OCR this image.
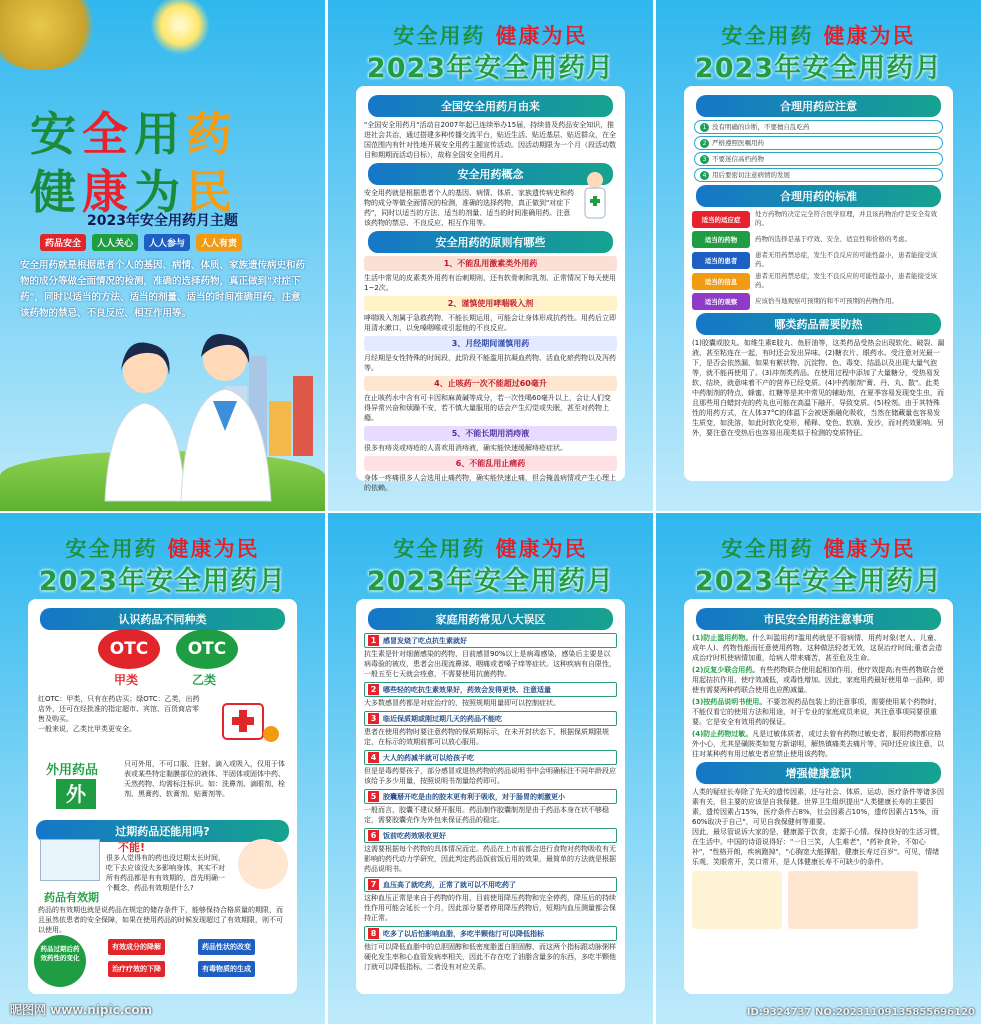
安全用药
健康为民
2023年安全用药月主题
药品安全	人人关心	人人参与	人人有责
安全用药就是根据患者个人的基因、病情、体质、家族遗传病史和药物的成分等做全面情况的检测，准确的选择药物，真正做到"对症下药"，同时以适当的方法、适当的剂量、适当的时间准确用药。注意该药物的禁忌、不良反应、相互作用等。
安全用药 健康为民
2023年安全用药月
全国安全用药月由来
"全国安全用药月"活动自2007年起已连续举办15届，持续普及药品安全知识，推进社会共治，通过搭建多种传播交流平台，贴近生活、贴近基层、贴近群众，在全国范围内有针对性地开展安全用药主题宣传活动。因活动期限为一个月（段活动数目和期期而活动目标），故称全国安全用药月。
安全用药概念
安全用药就是根据患者个人的基因、病情、体质、家族遗传病史和药物的成分等做全面情况的检测，准确的选择药物，真正做到"对症下药"，同时以适当的方法、适当的剂量、适当的时间准确用药。注意该药物的禁忌、不良反应、相互作用等。
安全用药的原则有哪些
1、不能乱用激素类外用药
生活中常见的皮素类外用药有治刺期则，还有软骨刺和乳剂、正常情况下每天使用1~2次。
2、谨慎使用哮喘吸入剂
哮喘吸入剂属于急救药物，不能长期运用，可能会让身体形成抗药性。用药后立即用清水漱口，以免嗓咽喉或引起他的不良反应。
3、月经期间谨慎用药
月经期是女性特殊的时间段，此阶段不能滥用抗凝血药物、活血化瘀药物以及泻药等。
4、止咳药一次不能超过60毫升
在止咳药水中含有可卡因和麻黄碱等成分，若一次性喝60毫升以上，会让人们变得异常兴奋和烦躁不安，若不慎大量服用的话会产生幻觉或失眠，甚至对药物上瘾。
5、不能长期用消痔液
很多有痔炎或痔疮的人喜欢用消痔液，确实能快速缓解痔疮症状。
6、不能乱用止痛药
身体一疼痛很多人会选用止痛药物，确实能快速止痛，但会掩盖病情或产生心理上的依赖。
安全用药 健康为民
2023年安全用药月
合理用药应注意
1 没有明确的诊断，不要擅自乱吃药
2 严格遵照医嘱用药
3 不要迷信高档药物
4 用后要密切注意病情的发展
合理用药的标准
适当的适应症
处方药物的决定完全符合医学原理，并且该药物治疗是安全有效的。
适当的药物	药物的选择是基于疗效、安全、适宜性和价格的考虑。
适当的患者
患者无用药禁忌症，发生不良反应的可能性最小，患者能接受该药。
适当的信息
患者无用药禁忌症，发生不良反应的可能性最小，患者能接受该药。
适当的观察	应该恰当地观察可预期的和不可预期的药物作用。
哪类药品需要防热
(1)胶囊或胶丸。如维生素E胶丸、鱼肝油等，这类药品受热会出现软化、破裂、漏液、甚至粘连在一起，有时还会发出异味。(2)糖衣片、眼药水。受注意对光最一下，是否会依然漏，如果有絮状物、沉淀物、色、毒变、结晶以及出现大量气泡等，就不能再使用了。(3)冲剂类药品。在使用过程中添加了大量糖分，受热易发软、结块，就意味着不产的营养已经变质。(4)中药制剂"膏、丹、丸、散"。此类中药制剂的特点，蜂蜜、红糖等是其中常见的辅助剂，在夏季容易发现变生虫，而且那些用白蜡封壳的药丸也可能在高温下融开，导致变质。(5)栓剂。由于其特殊性的用药方式，在人体37°C的体温下会被逐渐融化吸收，当然在储藏量也容易发生质变，如洗溶，如此时软化变形，稀释、变色、软崩、发沙，而对药效影响。另外，要注意在受热后也容易出现类似于检测的变质特征。
安全用药 健康为民
2023年安全用药月
认识药品不同种类
OTC	OTC
甲类	乙类
红OTC：甲类，只有在药店买；绿OTC：乙类，出药店外，还可在经批准的指定超市、宾馆、百货商店零售及购买。
一般来说，乙类比甲类更安全。
外用药品
外
只可外用，不可口服、注射、滴入或吸入，仅用于体表或某些特定黏膜部位的液体、半固体或固体中药、天然药物、均需标注标识。如：洗鼻剂、滴眼剂、栓剂、黑膏药、软膏剂、贴膏剂等。
过期药品还能用吗?
不能!
很多人觉得有的药也没过期太长时间，吃下去应该没大多影响身体，其实不对所有药品都是有有效期的，首先明确一个概念，药品有效期是什么?
药品有效期
药品的有效期也就是说药品在规定的储存条件下，能够保持合格质量的期限，而且虽然依患者的安全保障，如果在使用药品的时候发现超过了有效期限，则不可以使用。
药品过期后药效药性的变化
有效成分的降解	药品性状的改变
治疗疗效的下降	有毒物质的生成
昵图网 www.nipic.com
安全用药 健康为民
2023年安全用药月
家庭用药常见八大误区
1 感冒发烧了吃点抗生素就好
抗生素是针对细菌感染的药物，目前感冒90%以上是病毒感染，感染后主要是以病毒验的被攻，患者会出现流鼻涕、咽痛或者嗓子痒等症状。这种疾病有自限性，一般五至七天就会痊愈，不需要使用抗菌药物。
2 哪些轻的吃抗生素效果好，药效会发得更快、注意适量
大多数感冒药都是对症治疗的，按照规期用量即可以控制症状。
3 临近保质期或刚过期几天的药品不能吃
患者在使用药物时要注意药物的保质期标示，在未开封状态下，根据保质期限规定，在标示的效期前都可以放心服用。
4 大人的药减半就可以给孩子吃
但是是毒药婴孩子，部分感冒或退热药物的药品说明书中会明确标注不同年龄段应该给予多少用量，按照说明书剂量给药即可。
5 胶囊掰开吃是由的胶末更有利于吸收，对于肠胃的刺激更小
一般而言，胶囊不建议掰开服用。药品制作胶囊制剂是由于药品本身在状不够稳定，需要胶囊壳作为外包来保证药品的稳定。
6 饭前吃药效吸收更好
这需要根据每个药物的具体情况而定。药品在上市前都会进行食物对药物吸收有无影响的药代动力学研究，因此判定药品饭前饭后用的效果，最简单的方法就是根据药品说明书。
7 血压高了就吃药，正常了就可以不用吃药了
这种血压正常是来自于药物的作用，目前使用降压药物和完全停药，降压后的持续性作用可能会延长一个月，因此部分要者停用降压药物后，短期内血压测量都会保持正常。
8 吃多了以后怕影响血脂，多吃半颗他汀可以降低指标
他汀可以降低血脂中的总胆固醇和低密度脂蛋白胆固醇，而这两个指标跟动脉粥样硬化发生率和心血管发病率相关，因此不存在吃了油脂含量多的东西，多吃半颗他汀就可以降低指标，二者没有对应关系。
安全用药 健康为民
2023年安全用药月
市民安全用药注意事项
(1)防止滥用药物。什么叫滥用药?滥用药就是不管病情、用药对象(老人、儿童、成年人)、药物性能而任意使用药物。这种做法轻者无效，这误治疗时间;重者会造成治疗时机使病情加重，给病人带来痛苦，甚至危及生命。
(2)反复少联合用药。有些药物联合使用起相加作用，使疗效提高;有些药物联合使用起拮抗作用，使疗效减低，或毒性增加。因此，家庭用药最好使用单一品种，即使有需要两种药联合使用也应酌减量。
(3)按药品说明书使用。不要忽视药品包装上的注意事项，需要使用某个药物时，不能仅看它的使用方法和用途，对于专业的家庭成员来说，其注意事项同要很重要。它是安全有效用药的保证。
(4)防止药物过敏。凡是过敏体质者，或过去曾有药物过敏史者，服用药物都应格外小心，尤其是磺胺类如复方新诺明，解热镇痛类去痛片等，同时还应该注意，以往对某种药有用过敏史者应禁止使用该药物。
增强健康意识
人类的疑症长寿除了先天的遗传因素，还与社会、体质、运动、医疗条件等诸多因素有关，但主要的应该是自我保健。世界卫生组织提出"人类健康长寿的主要因素，遗传因素占15%，医疗条件占8%，社会因素占10%，遗传因素占15%，而60%取决于自己"，可见自我保健何等重要。
因此，最尽管说诉大家的是，健康源于饮食，走源于心情。保持良好的生活习惯，在生活中。中国的诗语说得好："一日三笑，人生难老"，"药补食补，不如心补"，"性格开朗，疾病跑掉"，"心胸宽大能撑船，健康长寿过百岁"。可见，情绪乐观，笑眼常开，笑口常开，是人体健康长寿不可缺少的条件。
ID:9324737 NO:20231109135855696120
